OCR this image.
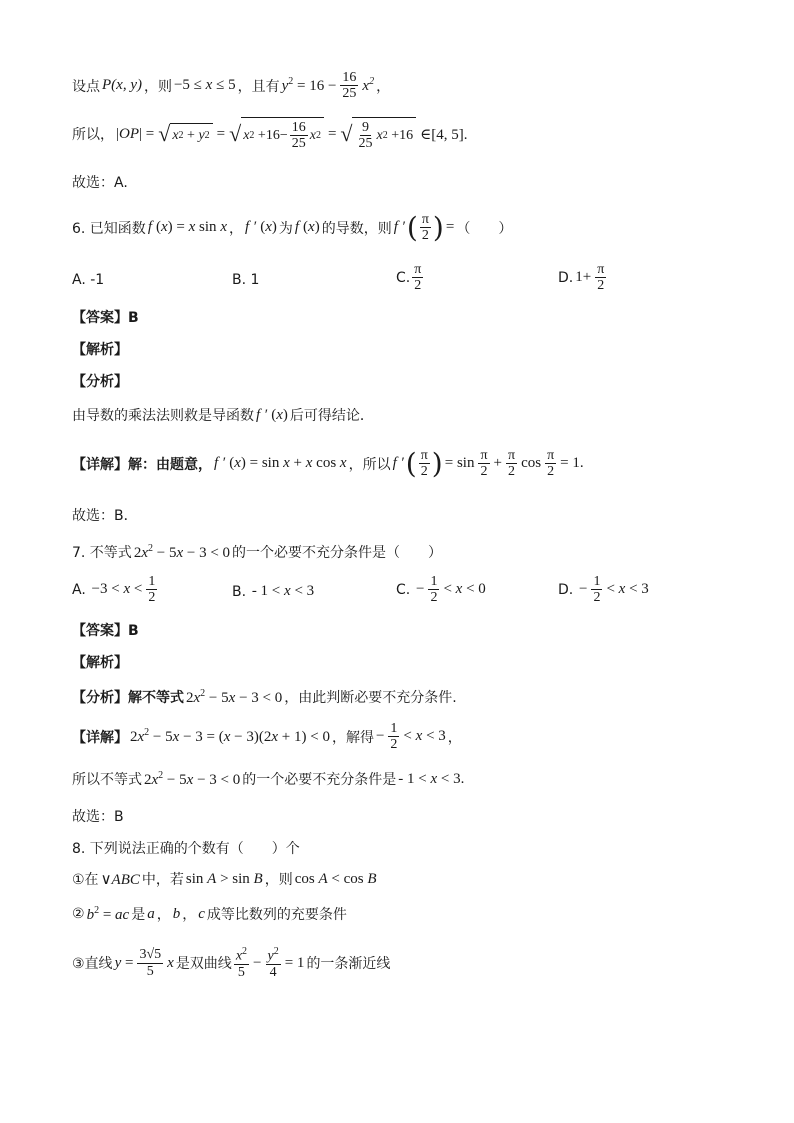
设点 P(x, y) ，则 −5 ≤ x ≤ 5 ，且有 $y^2 = 16 - \frac{16}{25} x^2$ ，
所以， |OP| = √ x 2 + y 2 = √ x $2 +16- \frac{16}{25}$ x 2 = √ $\frac{9}{25}$ x 2 +16 ∈[4, 5].
故选：A.
6. 已知函数 f (x) = x sin x ， f ′ (x) 为 f (x) 的导数，则 f ′ ( $\frac{\pi}{2}$ ) = （　　）
A. -1	B. 1	C. $\frac{\pi}{2}$	D. $1+ \frac{\pi}{2}$
【答案】B
【解析】
【分析】
由导数的乘法法则救是导函数 f ′ (x) 后可得结论．
【详解】解：由题意， f ′ (x) = sin x + x cos x ，所以 f ′ ( $\frac{\pi}{2}$ ) = $\sin \frac{\pi}{2} + \frac{\pi}{2}$ $\cos \frac{\pi}{2} = 1$.
故选：B．
7. 不等式 $2x^2 - 5x - 3 < 0$ 的一个必要不充分条件是（　　）
A. $-3 < x < \frac{1}{2}$	B. - 1 < x < 3	C. − $\frac{1}{2} < x < 0$	D. − $\frac{1}{2} < x < 3$
【答案】B
【解析】
【分析】解不等式 $2x^2 - 5x - 3 < 0$ ，由此判断必要不充分条件.
【详解】 $2x^2 - 5x - 3 = (x - 3)(2x + 1) < 0$ ，解得 − $\frac{1}{2} < x < 3$ ，
所以不等式 $2x^2 - 5x - 3 < 0$ 的一个必要不充分条件是 - 1 < x < 3.
故选：B
8. 下列说法正确的个数有（　　）个
①在 ∨ABC 中，若 sin A > sin B ，则 cos A < cos B
② $b^2$ = ac 是 a ， b ， c 成等比数列的充要条件
③直线 $y = \frac{3√5}{5}$ x 是双曲线 $\frac{x^2}{5} - \frac{y^2}{4} = 1$ 的一条渐近线
